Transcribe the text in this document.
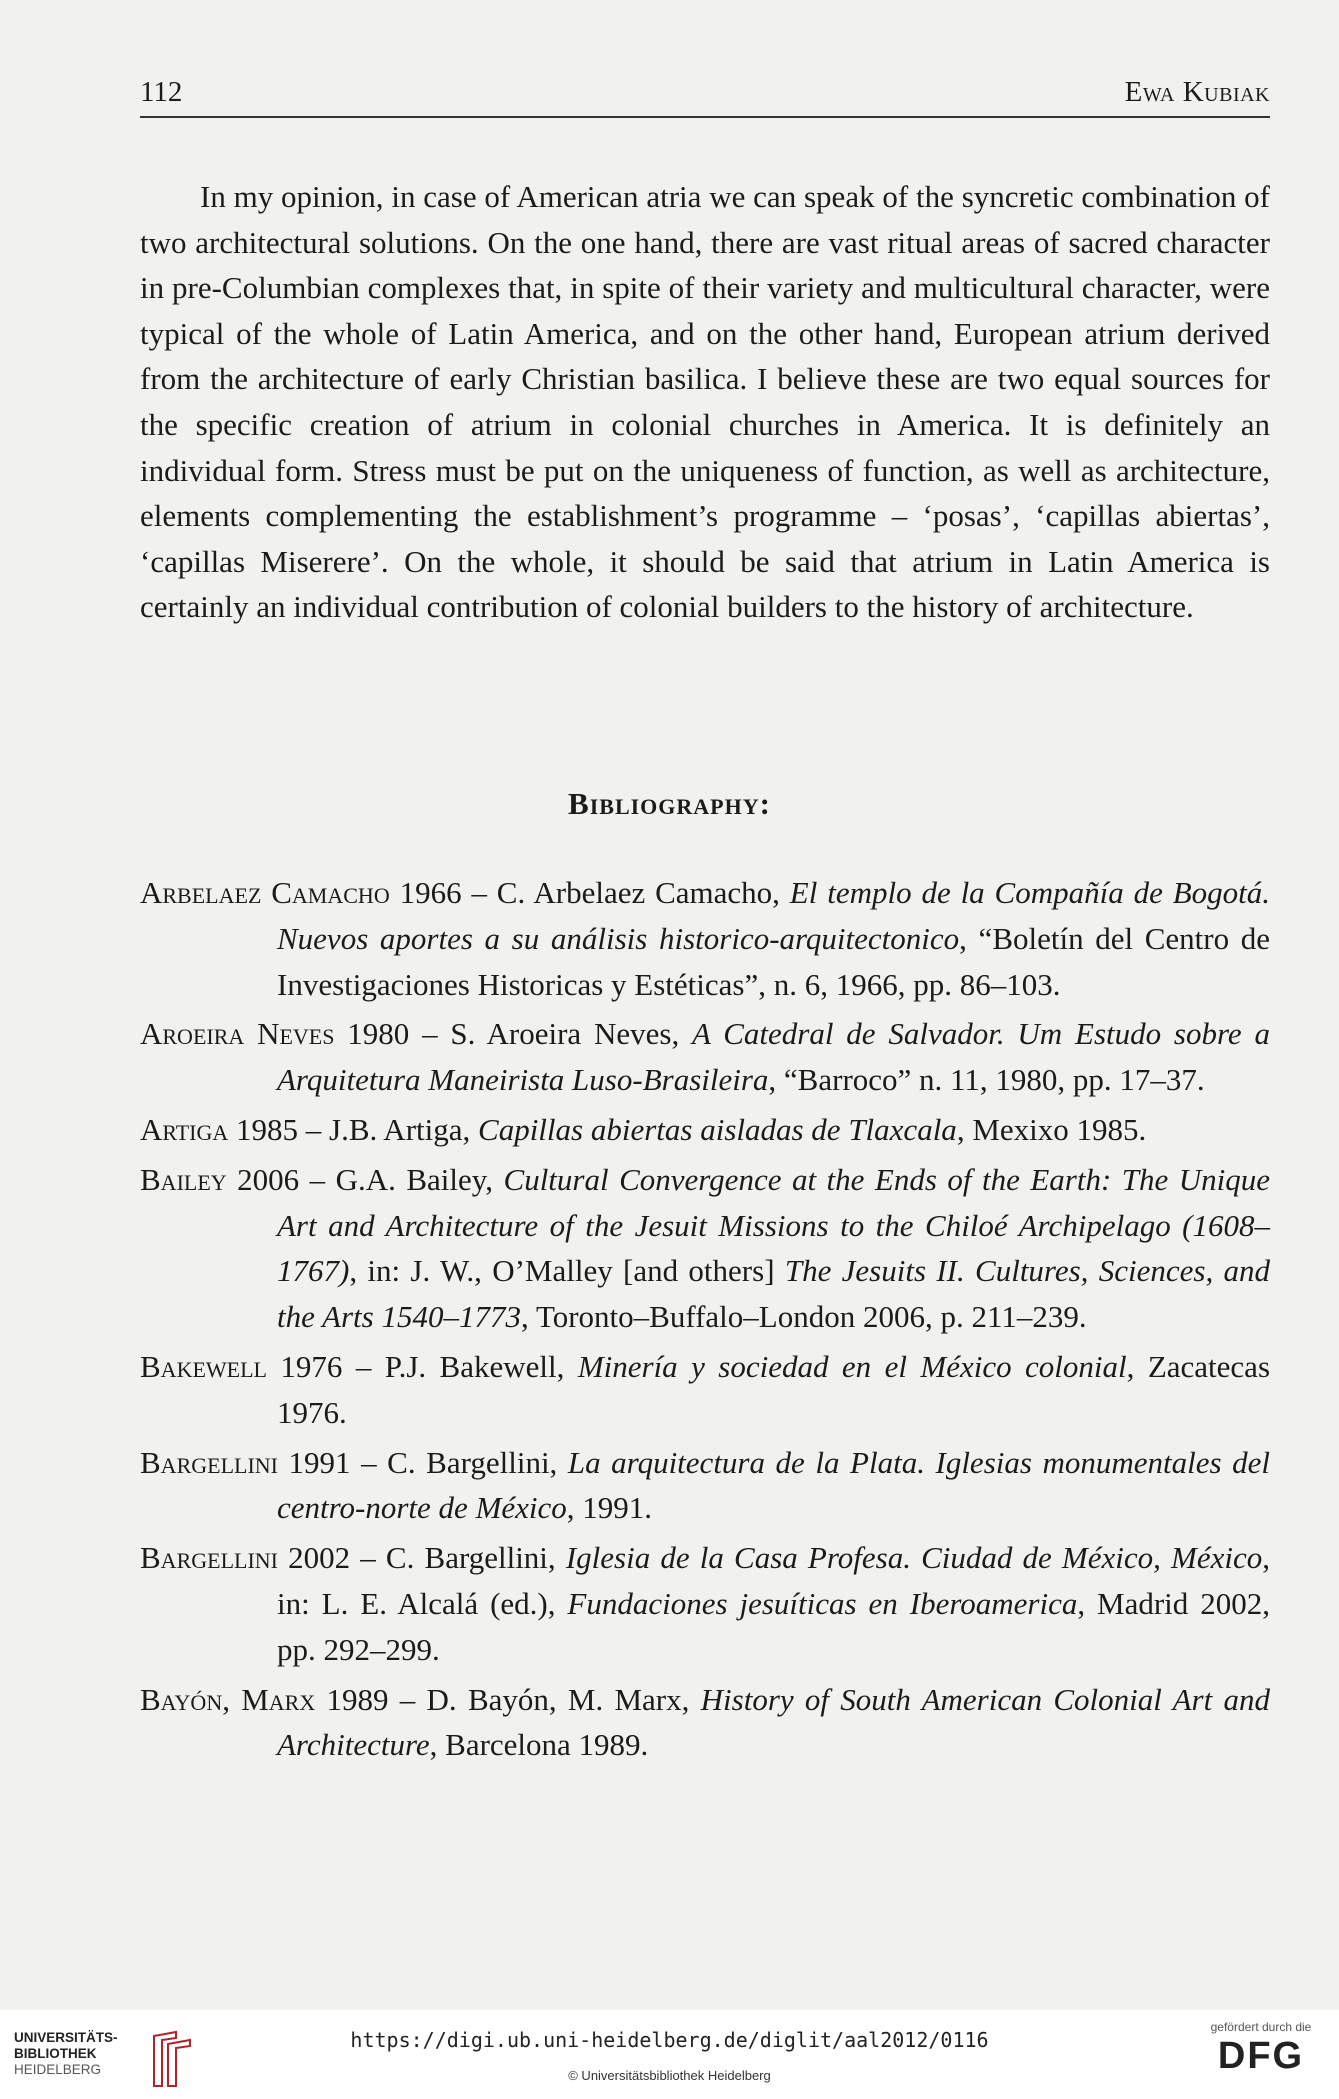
112	Ewa Kubiak

In my opinion, in case of American atria we can speak of the syncretic combination of two architectural solutions. On the one hand, there are vast ritual areas of sacred character in pre-Columbian complexes that, in spite of their variety and multicultural character, were typical of the whole of Latin America, and on the other hand, European atrium derived from the architecture of early Christian basilica. I believe these are two equal sources for the specific creation of atrium in colonial churches in America. It is definitely an individual form. Stress must be put on the uniqueness of function, as well as architecture, elements complementing the establishment’s programme – ‘posas’, ‘capillas abiertas’, ‘capillas Miserere’. On the whole, it should be said that atrium in Latin America is certainly an individual contribution of colonial builders to the history of architecture.

Bibliography:
Arbelaez Camacho 1966 – C. Arbelaez Camacho, El templo de la Compañía de Bogotá. Nuevos aportes a su análisis historico-arquitectonico, “Boletín del Centro de Investigaciones Historicas y Estéticas”, n. 6, 1966, pp. 86–103.
Aroeira Neves 1980 – S. Aroeira Neves, A Catedral de Salvador. Um Estudo sobre a Arquitetura Maneirista Luso-Brasileira, “Barroco” n. 11, 1980, pp. 17–37.
Artiga 1985 – J.B. Artiga, Capillas abiertas aisladas de Tlaxcala, Mexixo 1985.
Bailey 2006 – G.A. Bailey, Cultural Convergence at the Ends of the Earth: The Unique Art and Architecture of the Jesuit Missions to the Chiloé Archipelago (1608–1767), in: J. W., O’Malley [and others] The Jesuits II. Cultures, Sciences, and the Arts 1540–1773, Toronto–Buffalo–London 2006, p. 211–239.
Bakewell 1976 – P.J. Bakewell, Minería y sociedad en el México colonial, Zacatecas 1976.
Bargellini 1991 – C. Bargellini, La arquitectura de la Plata. Iglesias monumentales del centro-norte de México, 1991.
Bargellini 2002 – C. Bargellini, Iglesia de la Casa Profesa. Ciudad de México, México, in: L. E. Alcalá (ed.), Fundaciones jesuíticas en Iberoamerica, Madrid 2002, pp. 292–299.
Bayón, Marx 1989 – D. Bayón, M. Marx, History of South American Colonial Art and Architecture, Barcelona 1989.
UNIVERSITÄTS-
BIBLIOTHEK
HEIDELBERG
https://digi.ub.uni-heidelberg.de/diglit/aal2012/0116
© Universitätsbibliothek Heidelberg
gefördert durch die
DFG
